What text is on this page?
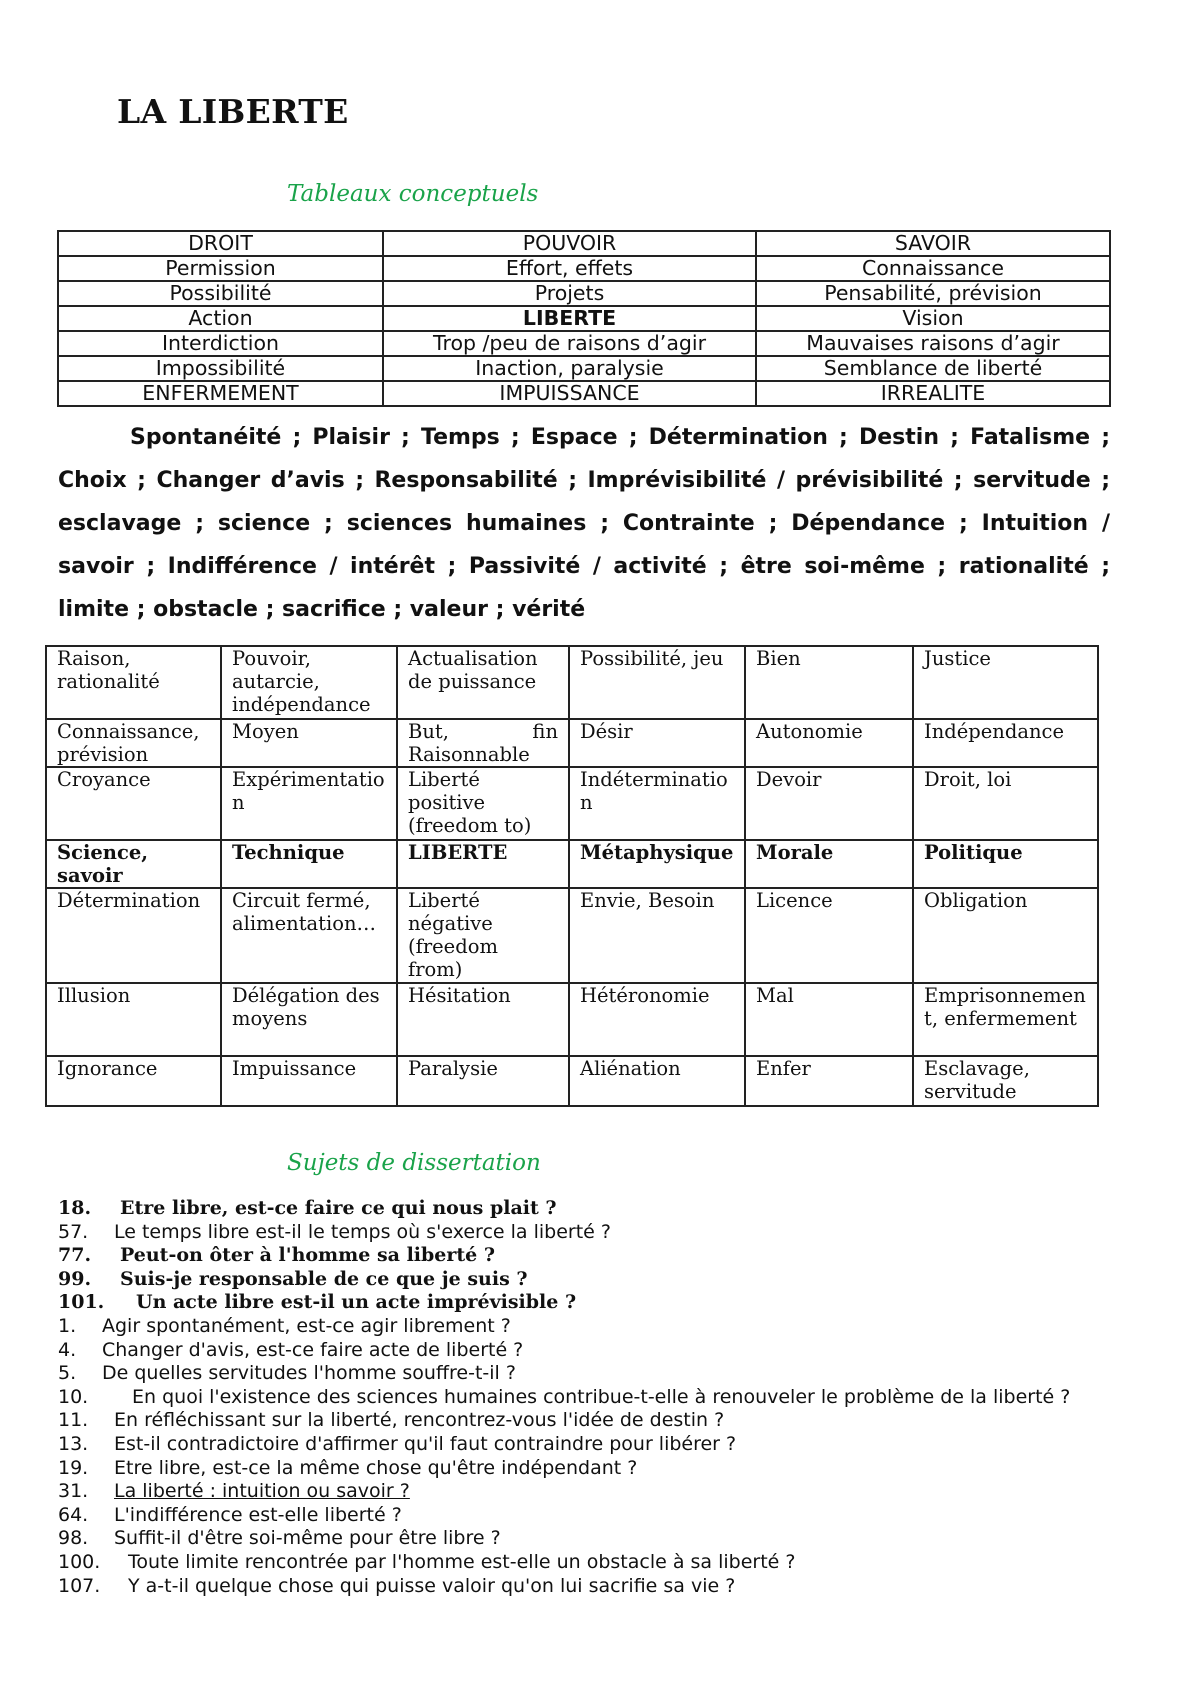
LA LIBERTE
Tableaux conceptuels
DROIT	POUVOIR	SAVOIR
Permission	Effort, effets	Connaissance
Possibilité	Projets	Pensabilité, prévision
Action	LIBERTE	Vision
Interdiction	Trop /peu de raisons d’agir	Mauvaises raisons d’agir
Impossibilité	Inaction, paralysie	Semblance de liberté
ENFERMEMENT	IMPUISSANCE	IRREALITE

Spontanéité ; Plaisir ; Temps ; Espace ; Détermination ; Destin ; Fatalisme ; Choix ; Changer d’avis ; Responsabilité ; Imprévisibilité / prévisibilité ; servitude ; esclavage ; science ; sciences humaines ; Contrainte ; Dépendance ; Intuition / savoir ; Indifférence / intérêt ; Passivité / activité ; être soi-même ; rationalité ; limite ; obstacle ; sacrifice ; valeur ; vérité

Raison, rationalité	Pouvoir, autarcie, indépendance	Actualisation de puissance	Possibilité, jeu	Bien	Justice
Connaissance, prévision	Moyen	But, fin Raisonnable	Désir	Autonomie	Indépendance
Croyance	Expérimentation	Liberté positive (freedom to)	Indétermination	Devoir	Droit, loi
Science, savoir	Technique	LIBERTE	Métaphysique	Morale	Politique
Détermination	Circuit fermé, alimentation…	Liberté négative (freedom from)	Envie, Besoin	Licence	Obligation
Illusion	Délégation des moyens	Hésitation	Hétéronomie	Mal	Emprisonnement, enfermement
Ignorance	Impuissance	Paralysie	Aliénation	Enfer	Esclavage, servitude
Sujets de dissertation
18. Etre libre, est-ce faire ce qui nous plait ?
57. Le temps libre est-il le temps où s'exerce la liberté ?
77. Peut-on ôter à l'homme sa liberté ?
99. Suis-je responsable de ce que je suis ?
101. Un acte libre est-il un acte imprévisible ?
1. Agir spontanément, est-ce agir librement ?
4. Changer d'avis, est-ce faire acte de liberté ?
5. De quelles servitudes l'homme souffre-t-il ?
10. En quoi l'existence des sciences humaines contribue-t-elle à renouveler le problème de la liberté ?
11. En réfléchissant sur la liberté, rencontrez-vous l'idée de destin ?
13. Est-il contradictoire d'affirmer qu'il faut contraindre pour libérer ?
19. Etre libre, est-ce la même chose qu'être indépendant ?
31. La liberté : intuition ou savoir ?
64. L'indifférence est-elle liberté ?
98. Suffit-il d'être soi-même pour être libre ?
100. Toute limite rencontrée par l'homme est-elle un obstacle à sa liberté ?
107. Y a-t-il quelque chose qui puisse valoir qu'on lui sacrifie sa vie ?
